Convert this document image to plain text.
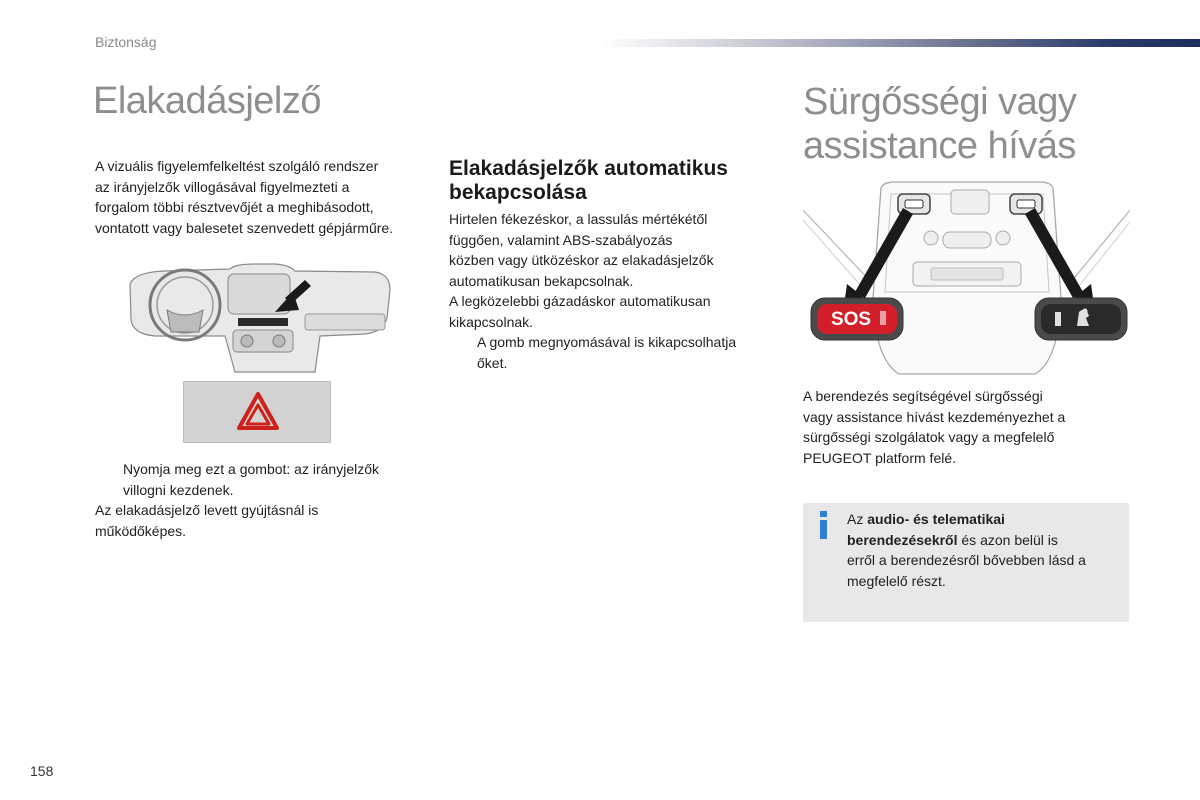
Biztonság
Elakadásjelző
A vizuális figyelemfelkeltést szolgáló rendszer
az irányjelzők villogásával figyelmezteti a
forgalom többi résztvevőjét a meghibásodott,
vontatott vagy balesetet szenvedett gépjárműre.
Nyomja meg ezt a gombot: az irányjelzők
villogni kezdenek.
Az elakadásjelző levett gyújtásnál is
működőképes.
Elakadásjelzők automatikus
bekapcsolása
Hirtelen fékezéskor, a lassulás mértékétől
függően, valamint ABS-szabályozás
közben vagy ütközéskor az elakadásjelzők
automatikusan bekapcsolnak.
A legközelebbi gázadáskor automatikusan
kikapcsolnak.
A gomb megnyomásával is kikapcsolhatja
őket.
Sürgősségi vagy
assistance hívás
SOS
A berendezés segítségével sürgősségi
vagy assistance hívást kezdeményezhet a
sürgősségi szolgálatok vagy a megfelelő
PEUGEOT platform felé.
Az audio- és telematikai
berendezésekről és azon belül is
erről a berendezésről bővebben lásd a
megfelelő részt.
158
